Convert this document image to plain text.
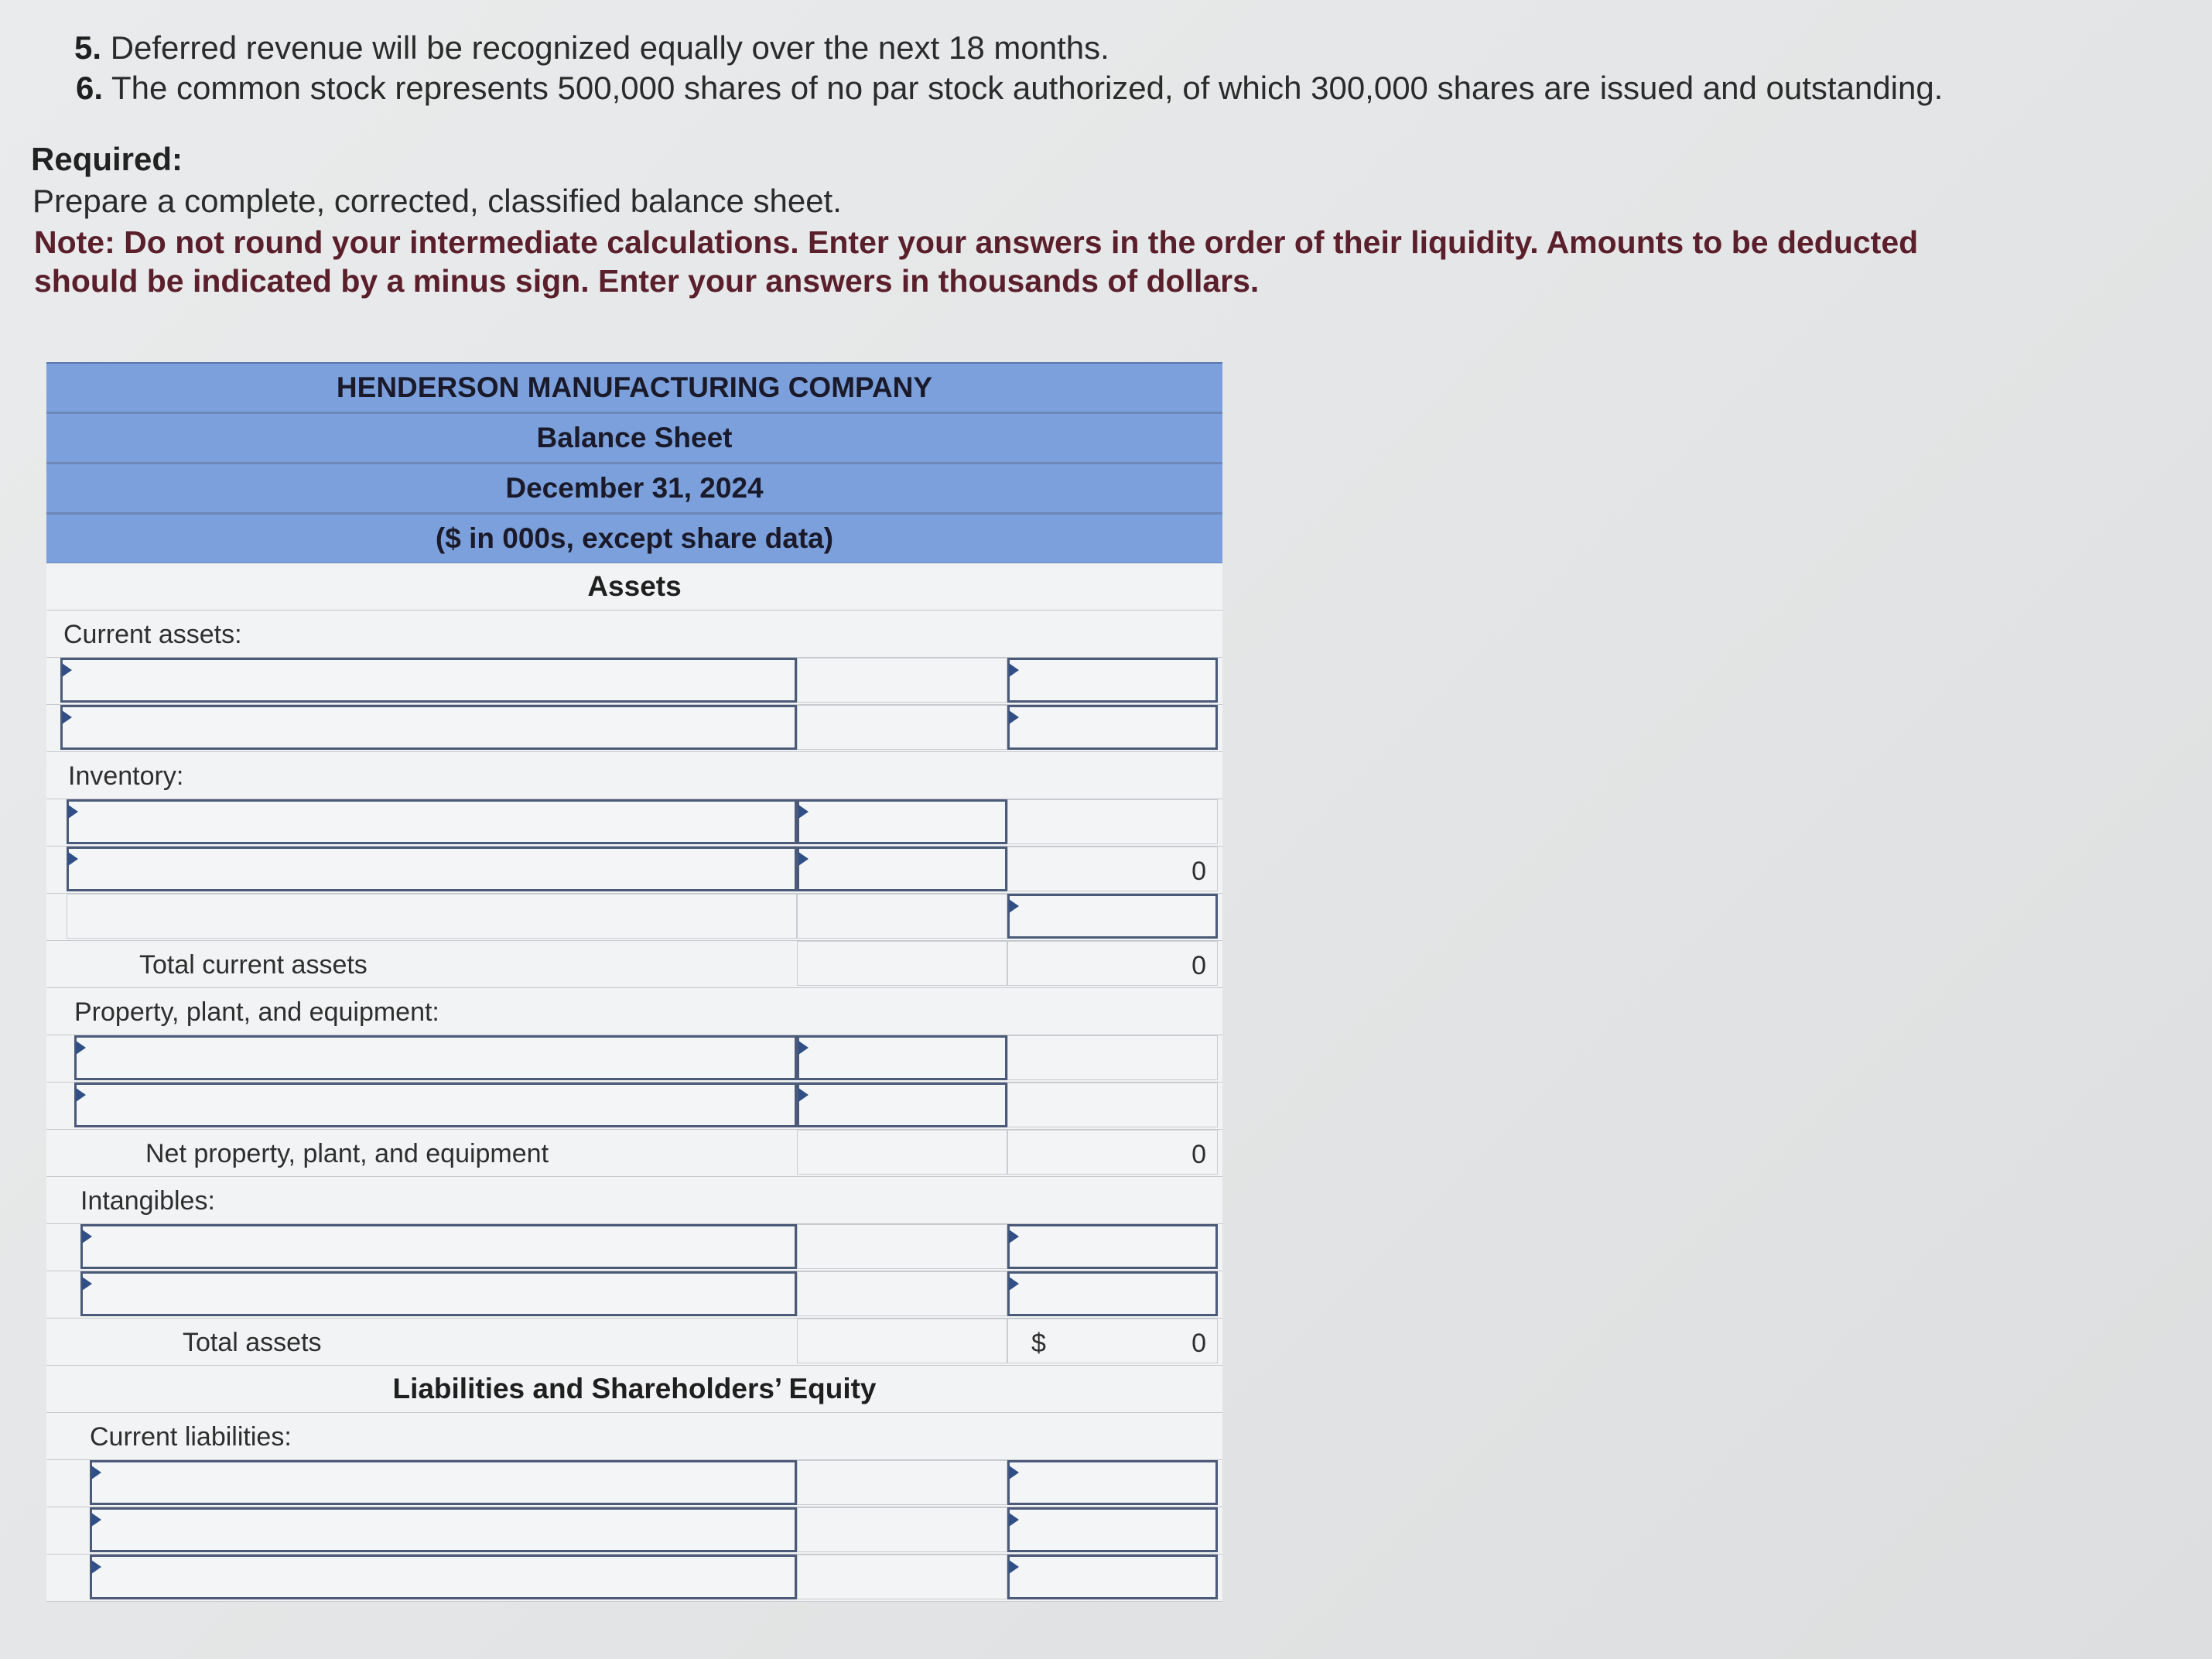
5. Deferred revenue will be recognized equally over the next 18 months.
6. The common stock represents 500,000 shares of no par stock authorized, of which 300,000 shares are issued and outstanding.
Required:
Prepare a complete, corrected, classified balance sheet.
Note: Do not round your intermediate calculations. Enter your answers in the order of their liquidity. Amounts to be deducted should be indicated by a minus sign. Enter your answers in thousands of dollars.
HENDERSON MANUFACTURING COMPANY
Balance Sheet
December 31, 2024
($ in 000s, except share data)
Assets
Current assets:
Inventory:
0
Total current assets	0
Property, plant, and equipment:
Net property, plant, and equipment	0
Intangibles:
Total assets	$	0
Liabilities and Shareholders’ Equity
Current liabilities:
